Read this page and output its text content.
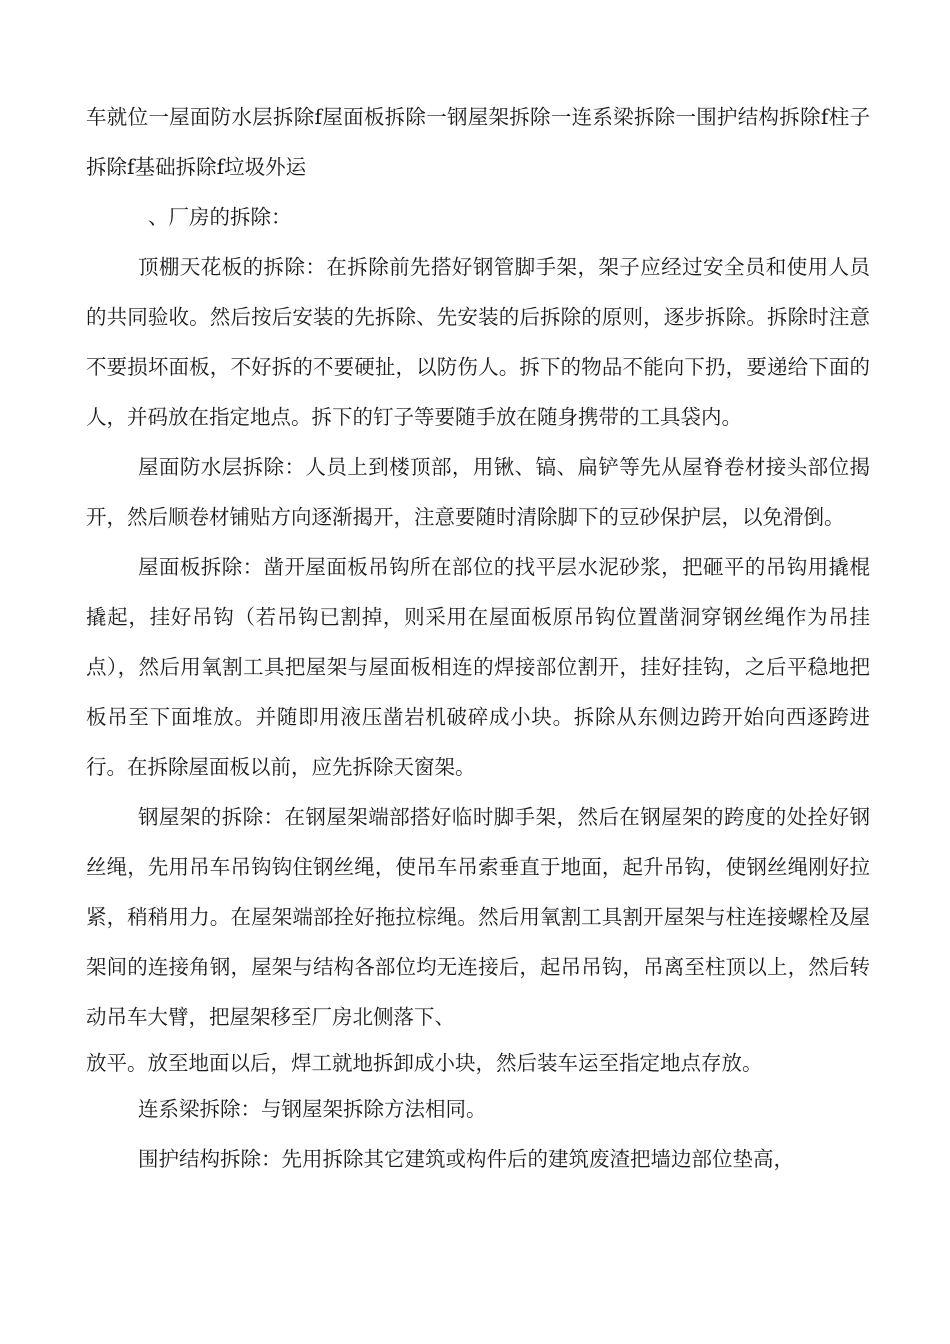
车就位一屋面防水层拆除f屋面板拆除一钢屋架拆除一连系梁拆除一围护结构拆除f柱子拆除f基础拆除f垃圾外运

、厂房的拆除：

顶棚天花板的拆除：在拆除前先搭好钢管脚手架，架子应经过安全员和使用人员的共同验收。然后按后安装的先拆除、先安装的后拆除的原则，逐步拆除。拆除时注意不要损坏面板，不好拆的不要硬扯，以防伤人。拆下的物品不能向下扔，要递给下面的人，并码放在指定地点。拆下的钉子等要随手放在随身携带的工具袋内。

屋面防水层拆除：人员上到楼顶部，用锹、镐、扁铲等先从屋脊卷材接头部位揭开，然后顺卷材铺贴方向逐渐揭开，注意要随时清除脚下的豆砂保护层，以免滑倒。

屋面板拆除：凿开屋面板吊钩所在部位的找平层水泥砂浆，把砸平的吊钩用撬棍撬起，挂好吊钩（若吊钩已割掉，则采用在屋面板原吊钩位置凿洞穿钢丝绳作为吊挂点），然后用氧割工具把屋架与屋面板相连的焊接部位割开，挂好挂钩，之后平稳地把板吊至下面堆放。并随即用液压凿岩机破碎成小块。拆除从东侧边跨开始向西逐跨进行。在拆除屋面板以前，应先拆除天窗架。

钢屋架的拆除：在钢屋架端部搭好临时脚手架，然后在钢屋架的跨度的处拴好钢丝绳，先用吊车吊钩钩住钢丝绳，使吊车吊索垂直于地面，起升吊钩，使钢丝绳刚好拉紧，稍稍用力。在屋架端部拴好拖拉棕绳。然后用氧割工具割开屋架与柱连接螺栓及屋架间的连接角钢，屋架与结构各部位均无连接后，起吊吊钩，吊离至柱顶以上，然后转动吊车大臂，把屋架移至厂房北侧落下、

放平。放至地面以后，焊工就地拆卸成小块，然后装车运至指定地点存放。

连系梁拆除：与钢屋架拆除方法相同。

围护结构拆除：先用拆除其它建筑或构件后的建筑废渣把墙边部位垫高，
